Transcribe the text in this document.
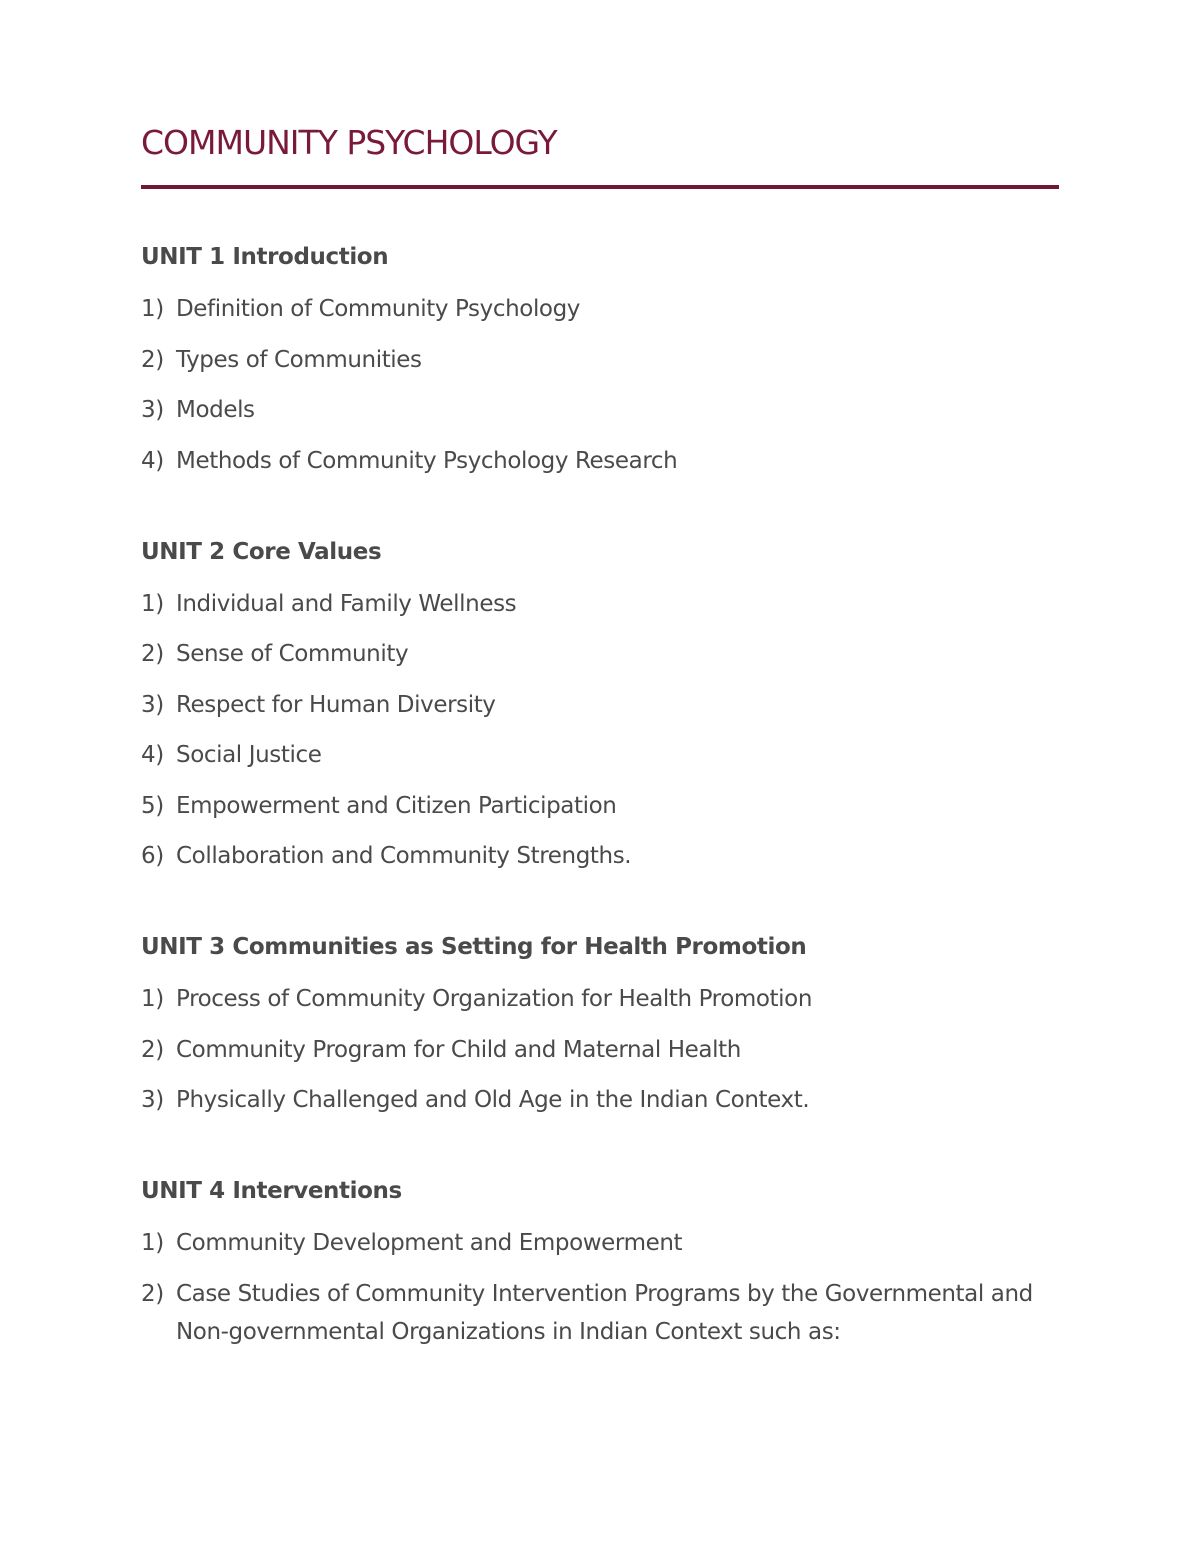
COMMUNITY PSYCHOLOGY
UNIT 1 Introduction
1) Definition of Community Psychology
2) Types of Communities
3) Models
4) Methods of Community Psychology Research
UNIT 2 Core Values
1) Individual and Family Wellness
2) Sense of Community
3) Respect for Human Diversity
4) Social Justice
5) Empowerment and Citizen Participation
6) Collaboration and Community Strengths.
UNIT 3 Communities as Setting for Health Promotion
1) Process of Community Organization for Health Promotion
2) Community Program for Child and Maternal Health
3) Physically Challenged and Old Age in the Indian Context.
UNIT 4 Interventions
1) Community Development and Empowerment
2) Case Studies of Community Intervention Programs by the Governmental and Non-governmental Organizations in Indian Context such as:
